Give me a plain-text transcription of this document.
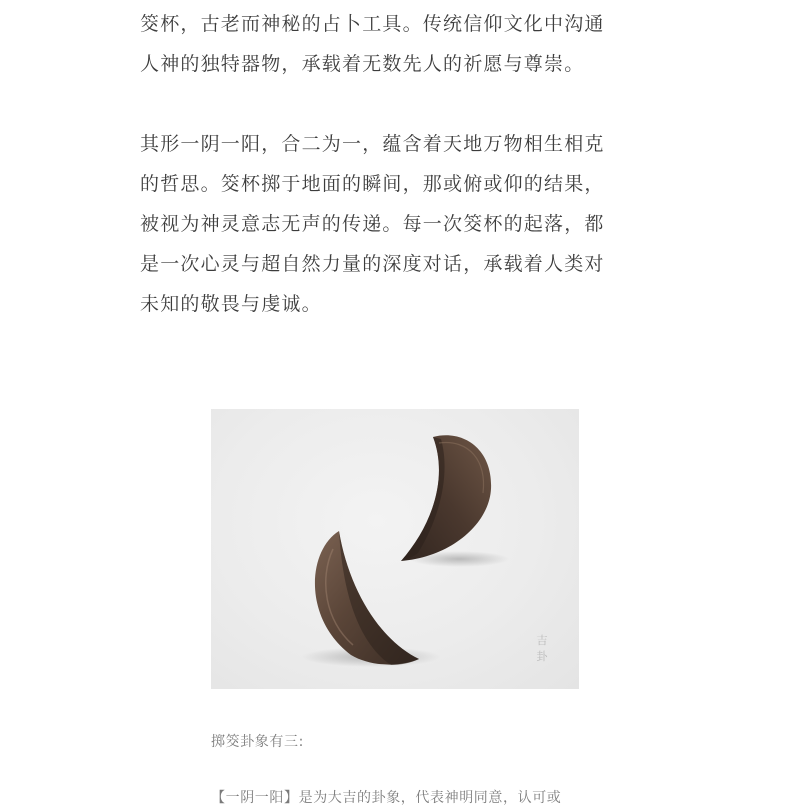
筊杯，古老而神秘的占卜工具。传统信仰文化中沟通
人神的独特器物，承载着无数先人的祈愿与尊崇。

其形一阴一阳，合二为一，蕴含着天地万物相生相克
的哲思。筊杯掷于地面的瞬间，那或俯或仰的结果，
被视为神灵意志无声的传递。每一次筊杯的起落，都
是一次心灵与超自然力量的深度对话，承载着人类对
未知的敬畏与虔诚。

吉卦

掷筊卦象有三:

【一阴一阳】是为大吉的卦象，代表神明同意，认可或
